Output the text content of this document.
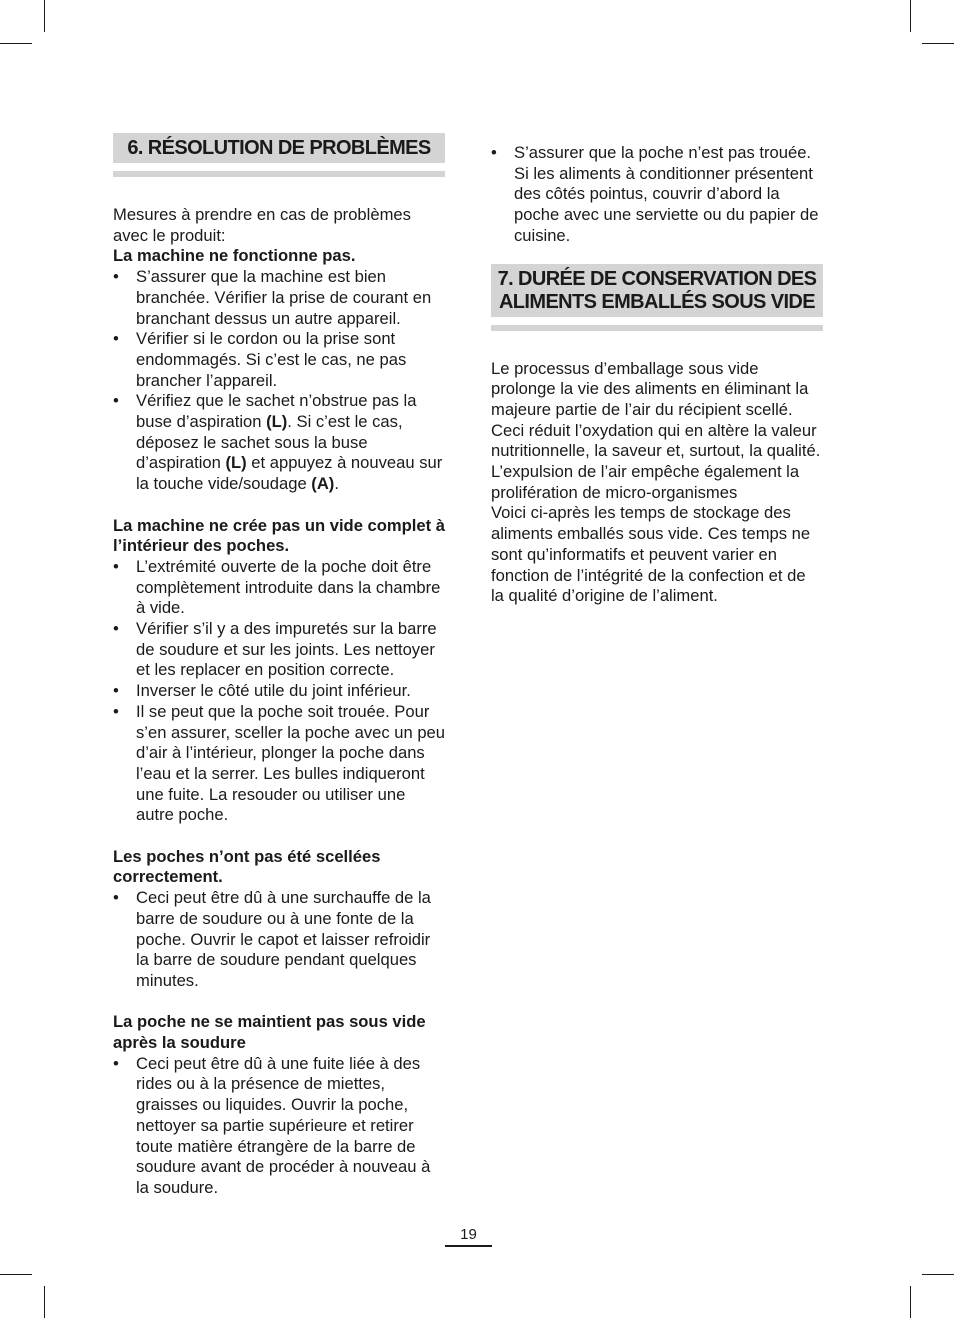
6. RÉSOLUTION DE PROBLÈMES

Mesures à prendre en cas de problèmes avec le produit:

La machine ne fonctionne pas.

• S’assurer que la machine est bien branchée. Vérifier la prise de courant en branchant dessus un autre appareil.
• Vérifier si le cordon ou la prise sont endommagés. Si c’est le cas, ne pas brancher l’appareil.
• Vérifiez que le sachet n’obstrue pas la buse d’aspiration (L). Si c’est le cas, déposez le sachet sous la buse d’aspiration (L) et appuyez à nouveau sur la touche vide/soudage (A).

La machine ne crée pas un vide complet à l’intérieur des poches.

• L’extrémité ouverte de la poche doit être complètement introduite dans la chambre à vide.
• Vérifier s’il y a des impuretés sur la barre de soudure et sur les joints. Les nettoyer et les replacer en position correcte.
• Inverser le côté utile du joint inférieur.
• Il se peut que la poche soit trouée. Pour s’en assurer, sceller la poche avec un peu d’air à l’intérieur, plonger la poche dans l’eau et la serrer. Les bulles indiqueront une fuite. La resouder ou utiliser une autre poche.

Les poches n’ont pas été scellées correctement.

• Ceci peut être dû à une surchauffe de la barre de soudure ou à une fonte de la poche. Ouvrir le capot et laisser refroidir la barre de soudure pendant quelques minutes.

La poche ne se maintient pas sous vide après la soudure

• Ceci peut être dû à une fuite liée à des rides ou à la présence de miettes, graisses ou liquides. Ouvrir la poche, nettoyer sa partie supérieure et retirer toute matière étrangère de la barre de soudure avant de procéder à nouveau à la soudure.
• S’assurer que la poche n’est pas trouée. Si les aliments à conditionner présentent des côtés pointus, couvrir d’abord la poche avec une serviette ou du papier de cuisine.
7. DURÉE DE CONSERVATION DES
ALIMENTS EMBALLÉS SOUS VIDE

Le processus d’emballage sous vide prolonge la vie des aliments en éliminant la majeure partie de l’air du récipient scellé. Ceci réduit l’oxydation qui en altère la valeur nutritionnelle, la saveur et, surtout, la qualité. L’expulsion de l’air empêche également la prolifération de micro-organismes

Voici ci-après les temps de stockage des aliments emballés sous vide. Ces temps ne sont qu’informatifs et peuvent varier en fonction de l’intégrité de la confection et de la qualité d’origine de l’aliment.

19
